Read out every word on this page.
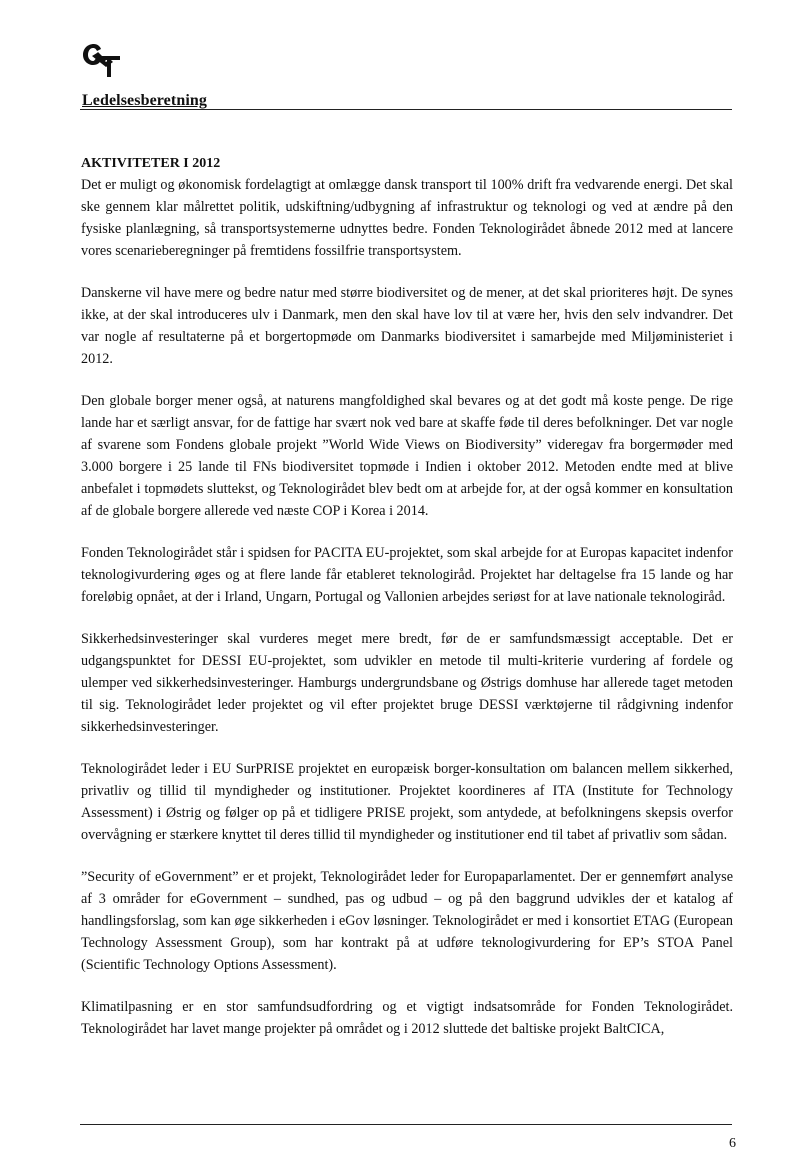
Ledelsesberetning

AKTIVITETER I 2012

Det er muligt og økonomisk fordelagtigt at omlægge dansk transport til 100% drift fra vedvarende energi. Det skal ske gennem klar målrettet politik, udskiftning/udbygning af infrastruktur og teknologi og ved at ændre på den fysiske planlægning, så transportsystemerne udnyttes bedre. Fonden Teknologirådet åbnede 2012 med at lancere vores scenarieberegninger på fremtidens fossilfrie transportsystem.

Danskerne vil have mere og bedre natur med større biodiversitet og de mener, at det skal prioriteres højt. De synes ikke, at der skal introduceres ulv i Danmark, men den skal have lov til at være her, hvis den selv indvandrer. Det var nogle af resultaterne på et borgertopmøde om Danmarks biodiversitet i samarbejde med Miljøministeriet i 2012.

Den globale borger mener også, at naturens mangfoldighed skal bevares og at det godt må koste penge. De rige lande har et særligt ansvar, for de fattige har svært nok ved bare at skaffe føde til deres befolkninger. Det var nogle af svarene som Fondens globale projekt ”World Wide Views on Biodiversity” videregav fra borgermøder med 3.000 borgere i 25 lande til FNs biodiversitet topmøde i Indien i oktober 2012. Metoden endte med at blive anbefalet i topmødets sluttekst, og Teknologirådet blev bedt om at arbejde for, at der også kommer en konsultation af de globale borgere allerede ved næste COP i Korea i 2014.

Fonden Teknologirådet står i spidsen for PACITA EU-projektet, som skal arbejde for at Europas kapacitet indenfor teknologivurdering øges og at flere lande får etableret teknologiråd. Projektet har deltagelse fra 15 lande og har foreløbig opnået, at der i Irland, Ungarn, Portugal og Vallonien arbejdes seriøst for at lave nationale teknologiråd.

Sikkerhedsinvesteringer skal vurderes meget mere bredt, før de er samfundsmæssigt acceptable. Det er udgangspunktet for DESSI EU-projektet, som udvikler en metode til multi-kriterie vurdering af fordele og ulemper ved sikkerhedsinvesteringer. Hamburgs undergrundsbane og Østrigs domhuse har allerede taget metoden til sig. Teknologirådet leder projektet og vil efter projektet bruge DESSI værktøjerne til rådgivning indenfor sikkerhedsinvesteringer.

Teknologirådet leder i EU SurPRISE projektet en europæisk borger-konsultation om balancen mellem sikkerhed, privatliv og tillid til myndigheder og institutioner. Projektet koordineres af ITA (Institute for Technology Assessment) i Østrig og følger op på et tidligere PRISE projekt, som antydede, at befolkningens skepsis overfor overvågning er stærkere knyttet til deres tillid til myndigheder og institutioner end til tabet af privatliv som sådan.

”Security of eGovernment” er et projekt, Teknologirådet leder for Europaparlamentet. Der er gennemført analyse af 3 områder for eGovernment – sundhed, pas og udbud – og på den baggrund udvikles der et katalog af handlingsforslag, som kan øge sikkerheden i eGov løsninger. Teknologirådet er med i konsortiet ETAG (European Technology Assessment Group), som har kontrakt på at udføre teknologivurdering for EP’s STOA Panel (Scientific Technology Options Assessment).

Klimatilpasning er en stor samfundsudfordring og et vigtigt indsatsområde for Fonden Teknologirådet. Teknologirådet har lavet mange projekter på området og i 2012 sluttede det baltiske projekt BaltCICA,

6
